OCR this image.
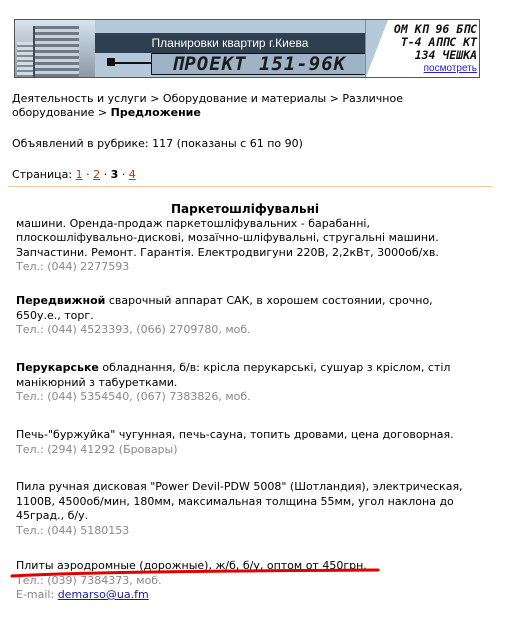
Планировки квартир г.Киева
ПРОЕКТ 151-96К
ОМ КП 96 БПС
Т-4 АППС КТ
134 ЧЕШКА
посмотреть
Деятельность и услуги > Оборудование и материалы > Различное
оборудование > Предложение
Объявлений в рубрике: 117 (показаны с 61 по 90)
Страница: 1 · 2 · 3 · 4
Паркетошліфувальні
машини. Оренда-продаж паркетошліфувальних - барабанні, плоскошліфувально-дискові, мозаїчно-шліфувальні, стругальні машини. Запчастини. Ремонт. Гарантія. Електродвигуни 220В, 2,2кВт, 3000об/хв.
Тел.: (044) 2277593
Передвижной сварочный аппарат САК, в хорошем состоянии, срочно, 650у.е., торг.
Тел.: (044) 4523393, (066) 2709780, моб.
Перукарське обладнання, б/в: крісла перукарські, сушуар з кріслом, стіл манікюрний з табуретками.
Тел.: (044) 5354540, (067) 7383826, моб.
Печь-"буржуйка" чугунная, печь-сауна, топить дровами, цена договорная.
Тел.: (294) 41292 (Бровары)
Пила ручная дисковая "Power Devil-PDW 5008" (Шотландия), электрическая, 1100В, 4500об/мин, 180мм, максимальная толщина 55мм, угол наклона до 45град., б/у.
Тел.: (044) 5180153
Плиты аэродромные (дорожные), ж/б, б/у, оптом от 450грн.
Тел.: (039) 7384373, моб.
E-mail: demarso@ua.fm
